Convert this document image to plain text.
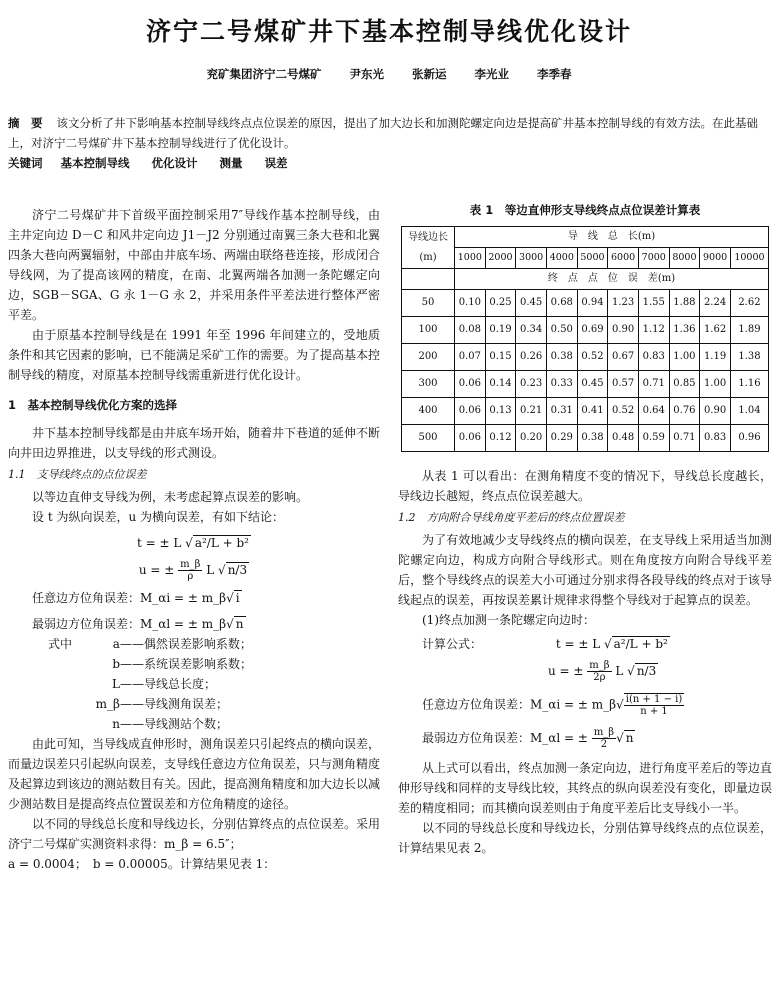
济宁二号煤矿井下基本控制导线优化设计
兖矿集团济宁二号煤矿 尹东光 张新运 李光业 李季春
摘　要 该文分析了井下影响基本控制导线终点点位误差的原因，提出了加大边长和加测陀螺定向边是提高矿井基本控制导线的有效方法。在此基础上，对济宁二号煤矿井下基本控制导线进行了优化设计。
关键词 基本控制导线 优化设计 测量 误差

济宁二号煤矿井下首级平面控制采用7″导线作基本控制导线，由主井定向边 D－C 和风井定向边 J1－J2 分别通过南翼三条大巷和北翼四条大巷向两翼辐射，中部由井底车场、两端由联络巷连接，形成闭合导线网，为了提高该网的精度，在南、北翼两端各加测一条陀螺定向边，SGB－SGA、G 永 1－G 永 2，并采用条件平差法进行整体严密平差。

由于原基本控制导线是在 1991 年至 1996 年间建立的，受地质条件和其它因素的影响，已不能满足采矿工作的需要。为了提高基本控制导线的精度，对原基本控制导线需重新进行优化设计。

1　基本控制导线优化方案的选择

井下基本控制导线都是由井底车场开始，随着井下巷道的延伸不断向井田边界推进，以支导线的形式测设。

1.1　支导线终点的点位误差

以等边直伸支导线为例，未考虑起算点误差的影响。

设 t 为纵向误差，u 为横向误差，有如下结论：

t = ± L √ a²/L + b²
u = ± $\frac{m\_\beta}{\rho}$ L √ n/3

任意边方位角误差：M_αi = ± m_β√ i

最弱边方位角误差：M_αl = ± m_β√ n

式中	a——偶然误差影响系数；
b——系统误差影响系数；
L——导线总长度；
m_β——导线测角误差；
n——导线测站个数；

由此可知，当导线成直伸形时，测角误差只引起终点的横向误差，而量边误差只引起纵向误差，支导线任意边方位角误差，只与测角精度及起算边到该边的测站数目有关。因此，提高测角精度和加大边长以减少测站数目是提高终点位置误差和方位角精度的途径。

以不同的导线总长度和导线边长，分别估算终点的点位误差。采用济宁二号煤矿实测资料求得：m_β = 6.5″；

a = 0.0004；　b = 0.00005。计算结果见表 1：

表 1　等边直伸形支导线终点点位误差计算表
导线边长(m)	导　线　总　长(m)									
	1000	2000	3000	4000	5000	6000	7000	8000	9000	10000
	终　点　点　位　误　差(m)									
50	0.10	0.25	0.45	0.68	0.94	1.23	1.55	1.88	2.24	2.62
100	0.08	0.19	0.34	0.50	0.69	0.90	1.12	1.36	1.62	1.89
200	0.07	0.15	0.26	0.38	0.52	0.67	0.83	1.00	1.19	1.38
300	0.06	0.14	0.23	0.33	0.45	0.57	0.71	0.85	1.00	1.16
400	0.06	0.13	0.21	0.31	0.41	0.52	0.64	0.76	0.90	1.04
500	0.06	0.12	0.20	0.29	0.38	0.48	0.59	0.71	0.83	0.96

从表 1 可以看出：在测角精度不变的情况下，导线总长度越长，导线边长越短，终点点位误差越大。

1.2　方向附合导线角度平差后的终点位置误差

为了有效地减少支导线终点的横向误差，在支导线上采用适当加测陀螺定向边，构成方向附合导线形式。则在角度按方向附合导线平差后，整个导线终点的误差大小可通过分别求得各段导线的终点对于该导线起点的误差，再按误差累计规律求得整个导线对于起算点的误差。

(1)终点加测一条陀螺定向边时：

计算公式：	t = ± L √ a²/L + b²
u = ± $\frac{m\_\beta}{2\rho}$ L √ n/3
任意边方位角误差：M_αi = ± m_β√ $\frac{i(n + 1 - i)}{n + 1}$
最弱边方位角误差：M_αl = ± $\frac{m\_\beta}{2}$ √ n

从上式可以看出，终点加测一条定向边，进行角度平差后的等边直伸形导线和同样的支导线比较，其终点的纵向误差没有变化，即量边误差的精度相同；而其横向误差则由于角度平差后比支导线小一半。

以不同的导线总长度和导线边长，分别估算导线终点的点位误差，计算结果见表 2。
